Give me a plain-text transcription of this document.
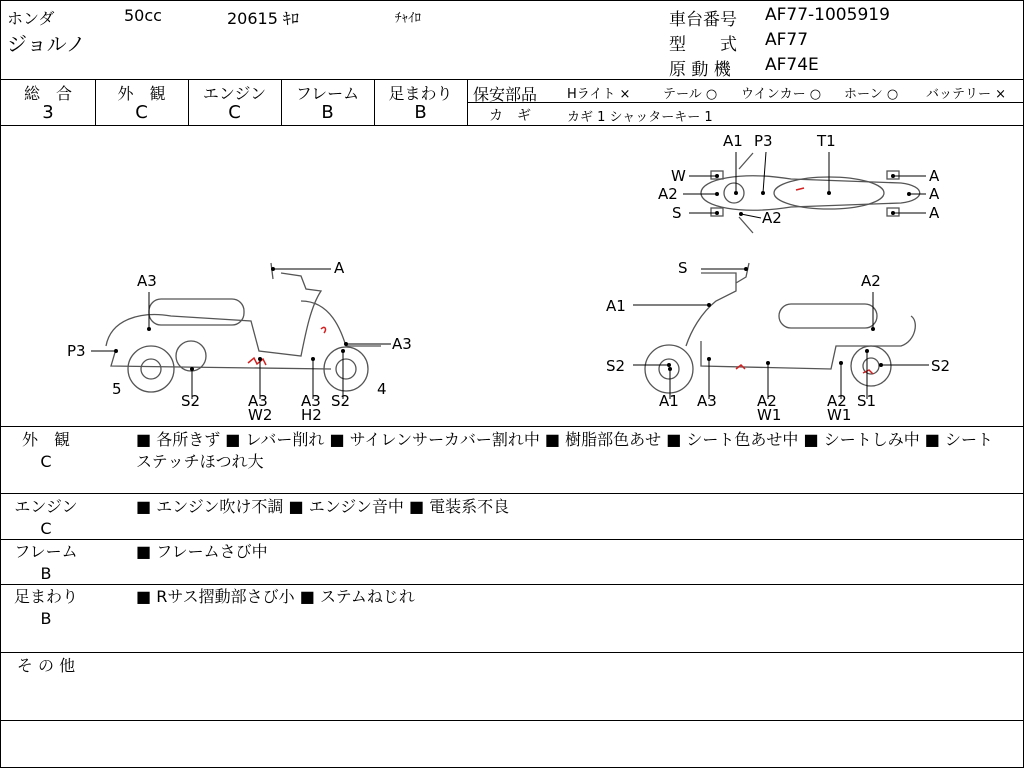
ホンダ	50cc	20615 ｷﾛ	ﾁｬｲﾛ
ジョルノ
車台番号 AF77-1005919
型　　式 AF77
原 動 機 AF74E
総　合
3
外　観
C
エンジン
C
フレーム
B
足まわり
B
保安部品 Hライト ×	テール ○ ウインカー ○ ホーン ○ バッテリー ×
カ　ギ	カギ 1 シャッターキー 1
A1 P3	T1
W
A2
S	A2
A
A
A
A
A3
P3
5
A3
4
S2	A3
W2
A3
H2
S2
S
A2
A1
S2
A1 A3	A2
W1
A2
W1
S1
S2
外　観
C
■ 各所きず ■ レバー削れ ■ サイレンサーカバー割れ中 ■ 樹脂部色あせ ■ シート色あせ中 ■ シートしみ中 ■ シートステッチほつれ大
エンジン
C
■ エンジン吹け不調 ■ エンジン音中 ■ 電装系不良
フレーム
B
■ フレームさび中
足まわり
B
■ Rサス摺動部さび小 ■ ステムねじれ
そ の 他
